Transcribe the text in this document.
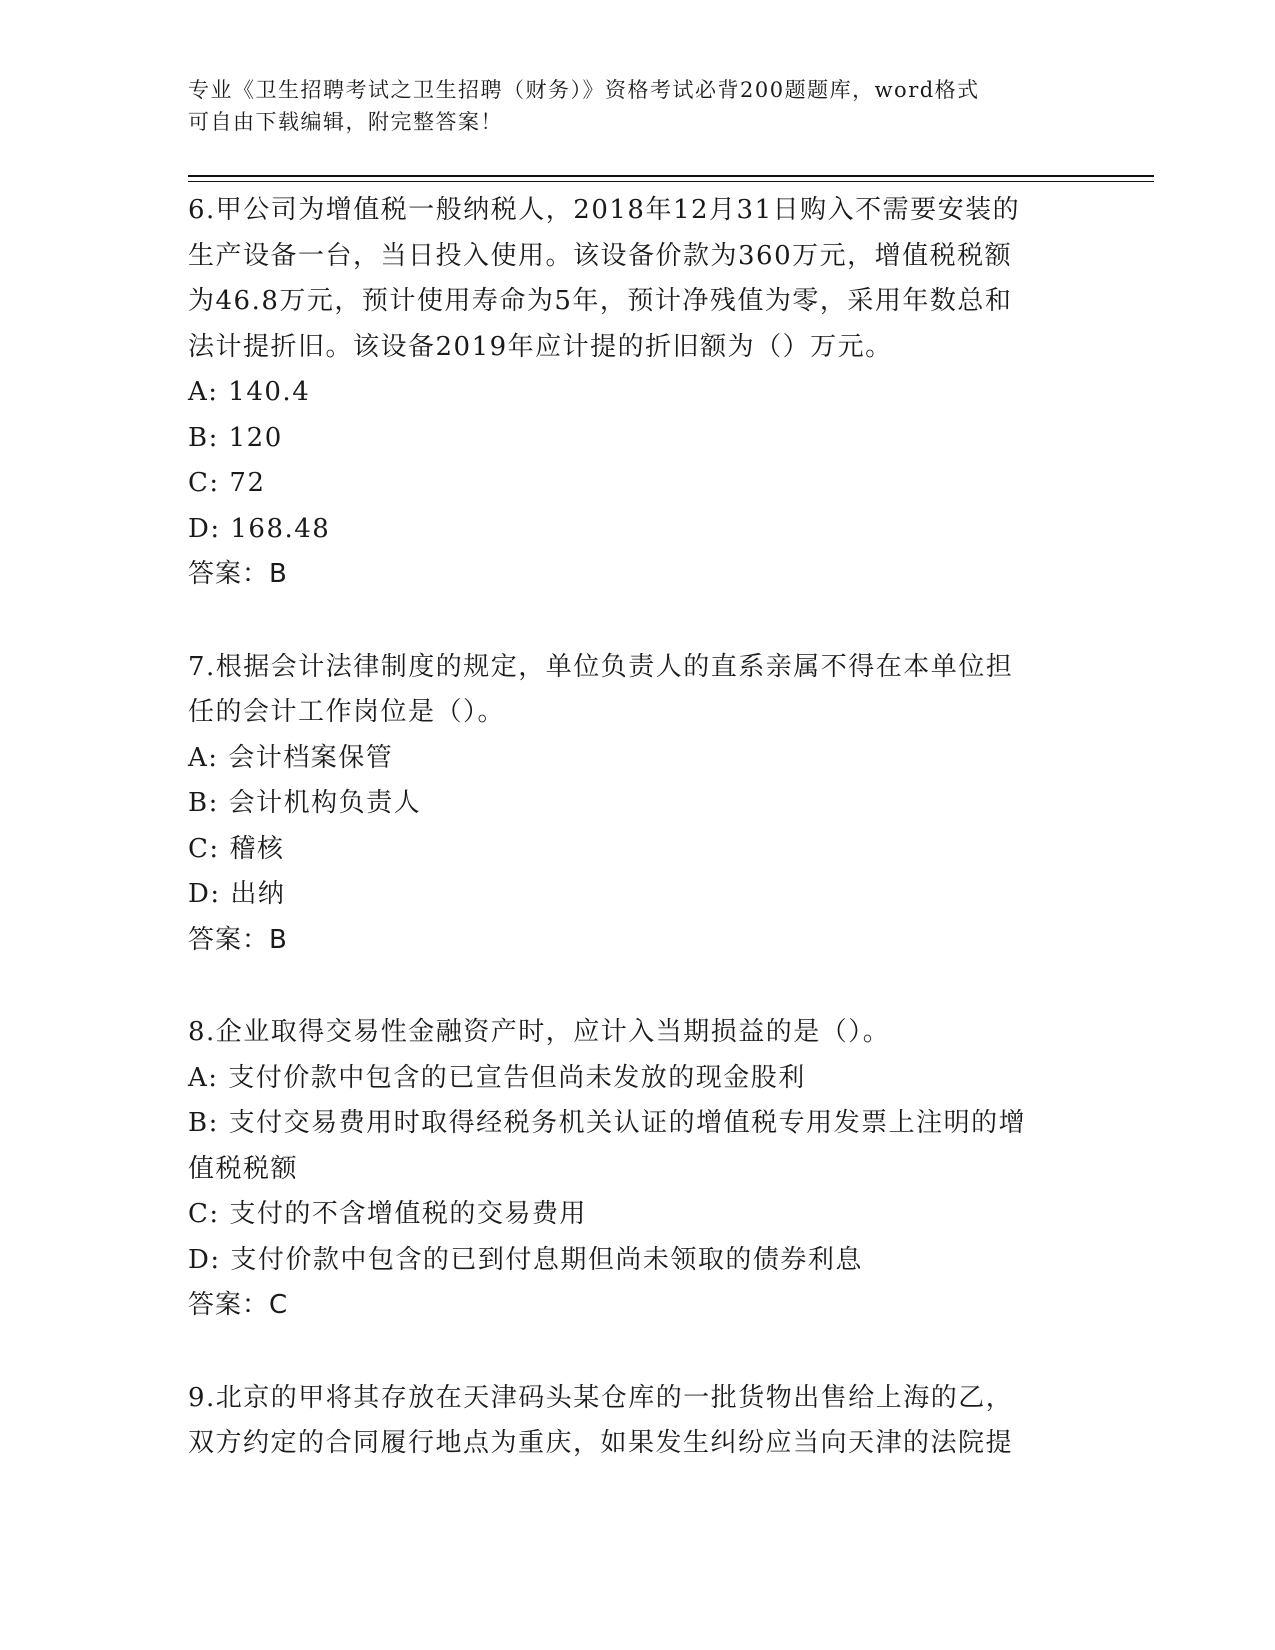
专业《卫生招聘考试之卫生招聘（财务）》资格考试必背200题题库，word格式
可自由下载编辑，附完整答案！
6.甲公司为增值税一般纳税人，2018年12月31日购入不需要安装的
生产设备一台，当日投入使用。该设备价款为360万元，增值税税额
为46.8万元，预计使用寿命为5年，预计净残值为零，采用年数总和
法计提折旧。该设备2019年应计提的折旧额为（）万元。
A: 140.4
B: 120
C: 72
D: 168.48
答案：B
7.根据会计法律制度的规定，单位负责人的直系亲属不得在本单位担
任的会计工作岗位是（）。
A: 会计档案保管
B: 会计机构负责人
C: 稽核
D: 出纳
答案：B
8.企业取得交易性金融资产时，应计入当期损益的是（）。
A: 支付价款中包含的已宣告但尚未发放的现金股利
B: 支付交易费用时取得经税务机关认证的增值税专用发票上注明的增
值税税额
C: 支付的不含增值税的交易费用
D: 支付价款中包含的已到付息期但尚未领取的债券利息
答案：C
9.北京的甲将其存放在天津码头某仓库的一批货物出售给上海的乙，
双方约定的合同履行地点为重庆，如果发生纠纷应当向天津的法院提
